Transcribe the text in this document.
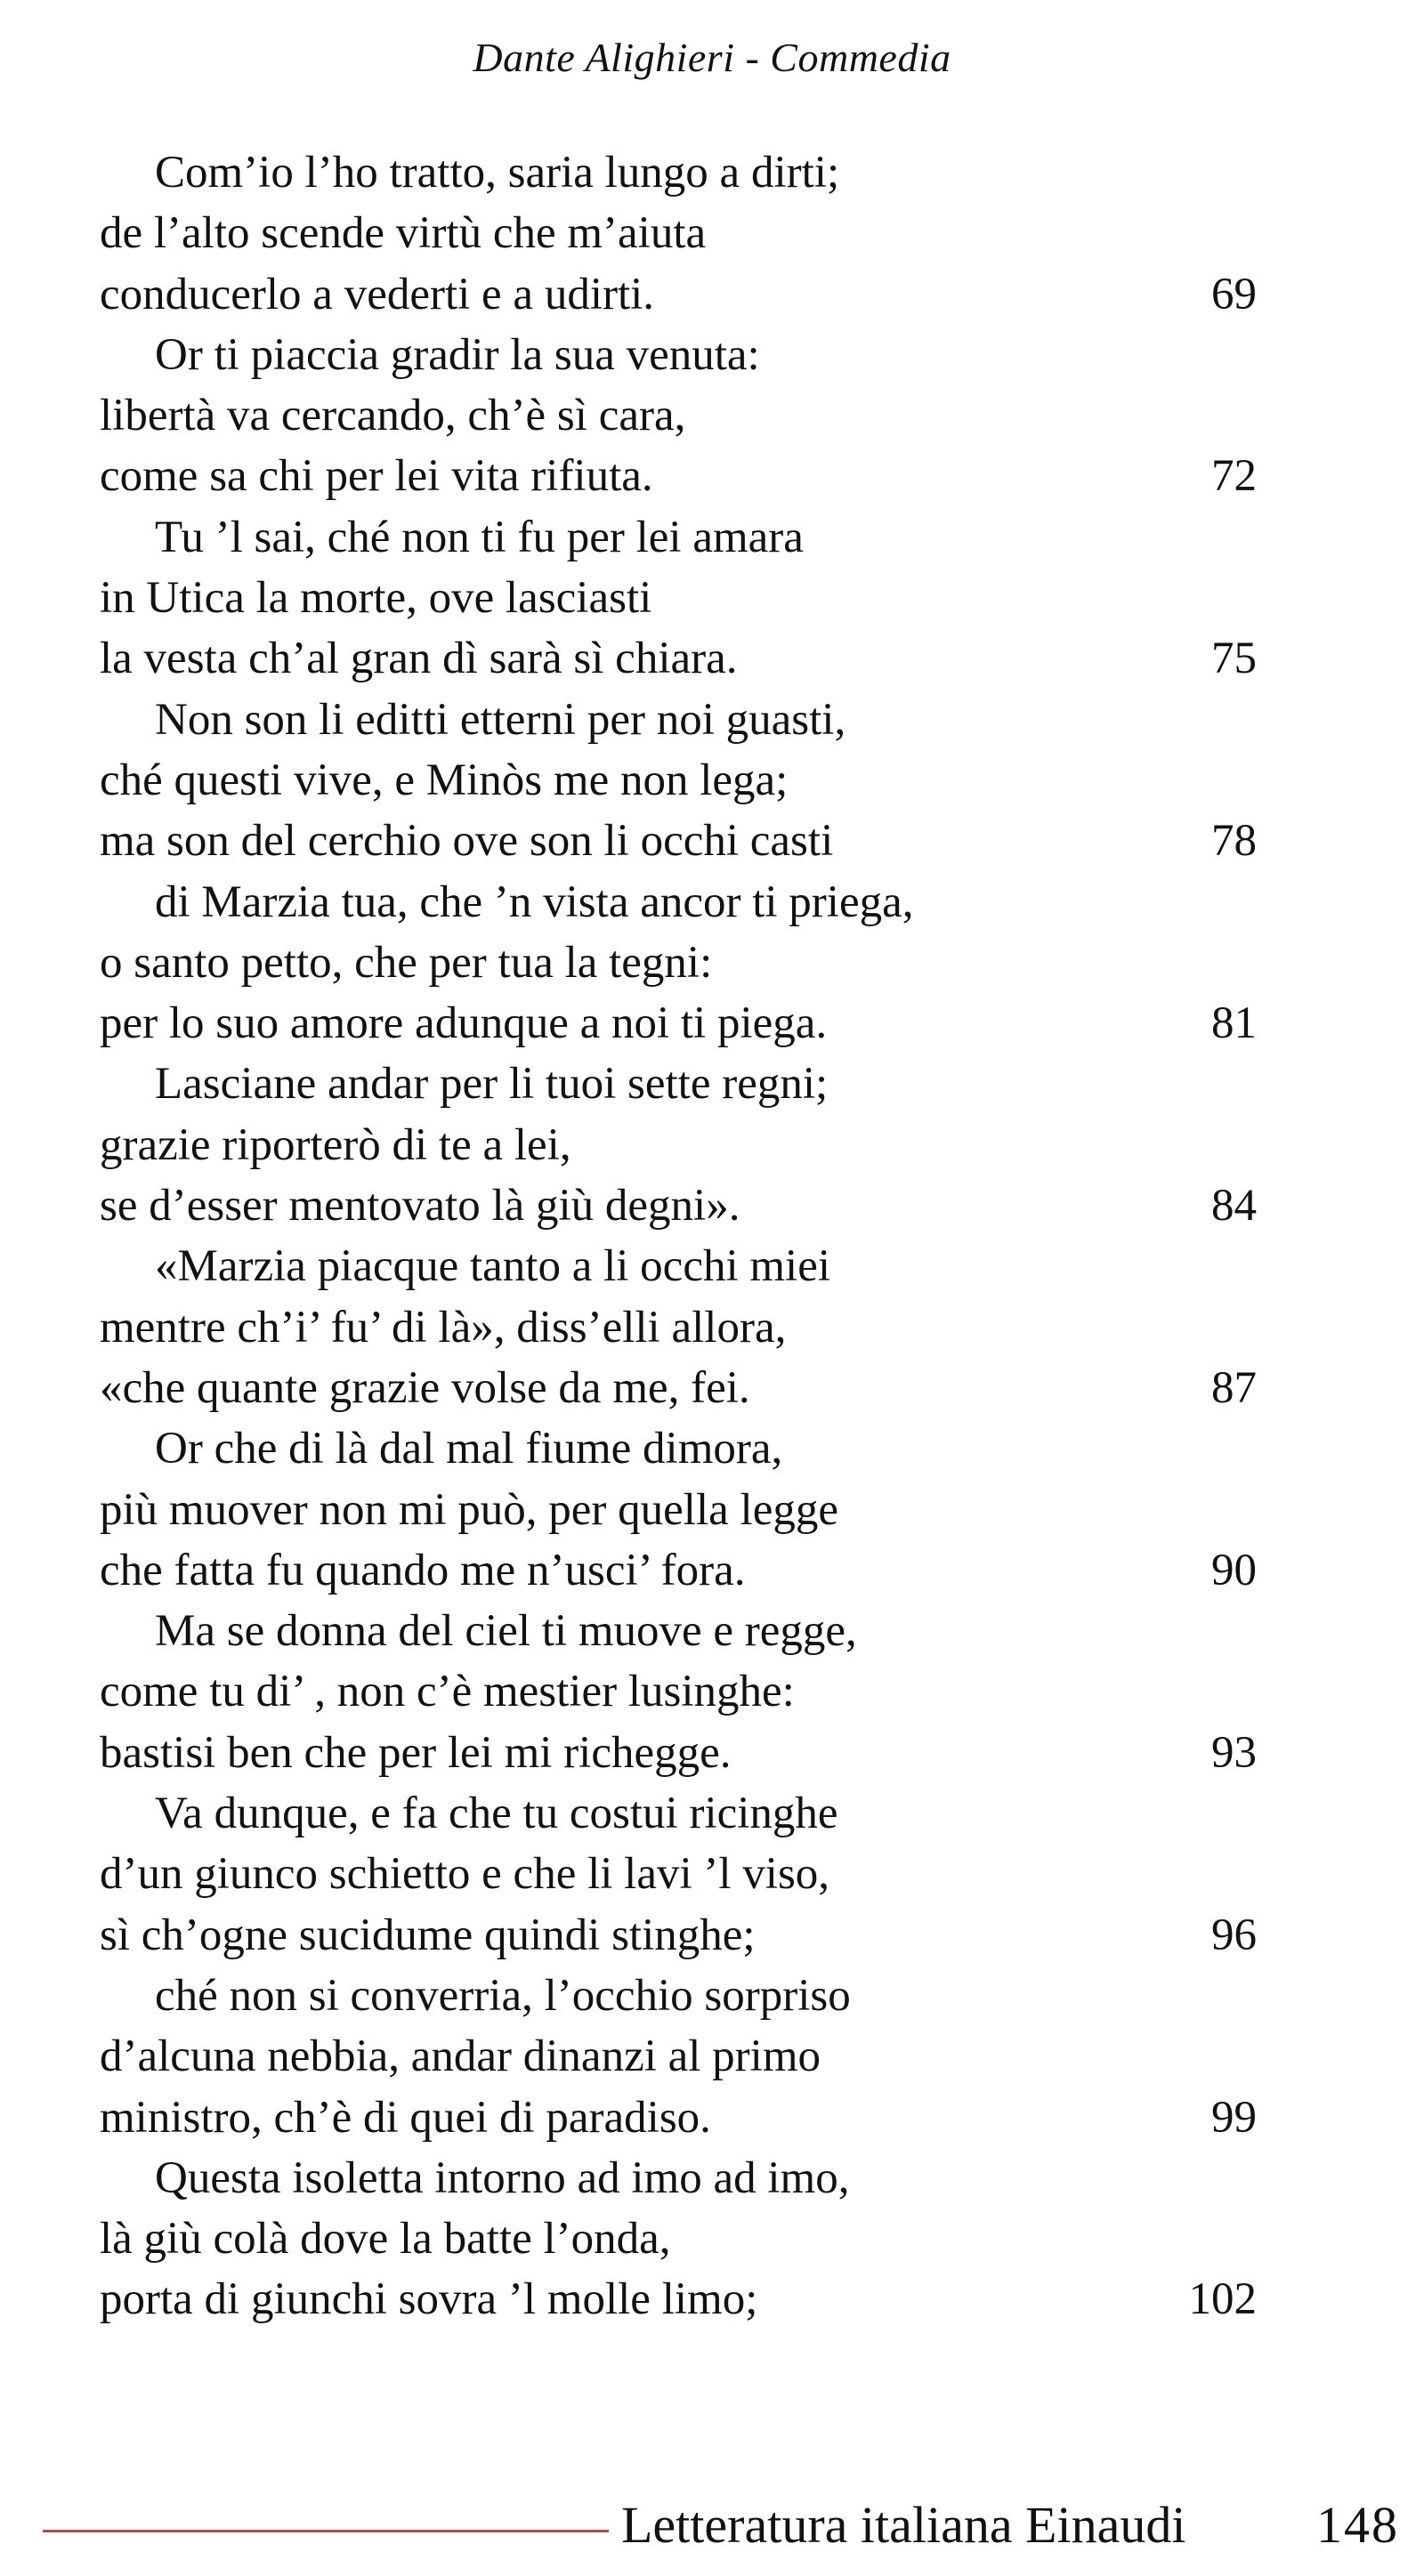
Dante Alighieri - Commedia
Com’io l’ho tratto, saria lungo a dirti;
de l’alto scende virtù che m’aiuta
conducerlo a vederti e a udirti.	69
Or ti piaccia gradir la sua venuta:
libertà va cercando, ch’è sì cara,
come sa chi per lei vita rifiuta.	72
Tu ’l sai, ché non ti fu per lei amara
in Utica la morte, ove lasciasti
la vesta ch’al gran dì sarà sì chiara.	75
Non son li editti etterni per noi guasti,
ché questi vive, e Minòs me non lega;
ma son del cerchio ove son li occhi casti	78
di Marzia tua, che ’n vista ancor ti priega,
o santo petto, che per tua la tegni:
per lo suo amore adunque a noi ti piega.	81
Lasciane andar per li tuoi sette regni;
grazie riporterò di te a lei,
se d’esser mentovato là giù degni».	84
«Marzia piacque tanto a li occhi miei
mentre ch’i’ fu’ di là», diss’elli allora,
«che quante grazie volse da me, fei.	87
Or che di là dal mal fiume dimora,
più muover non mi può, per quella legge
che fatta fu quando me n’usci’ fora.	90
Ma se donna del ciel ti muove e regge,
come tu di’ , non c’è mestier lusinghe:
bastisi ben che per lei mi richegge.	93
Va dunque, e fa che tu costui ricinghe
d’un giunco schietto e che li lavi ’l viso,
sì ch’ogne sucidume quindi stinghe;	96
ché non si converria, l’occhio sorpriso
d’alcuna nebbia, andar dinanzi al primo
ministro, ch’è di quei di paradiso.	99
Questa isoletta intorno ad imo ad imo,
là giù colà dove la batte l’onda,
porta di giunchi sovra ’l molle limo;	102
Letteratura italiana Einaudi	148
